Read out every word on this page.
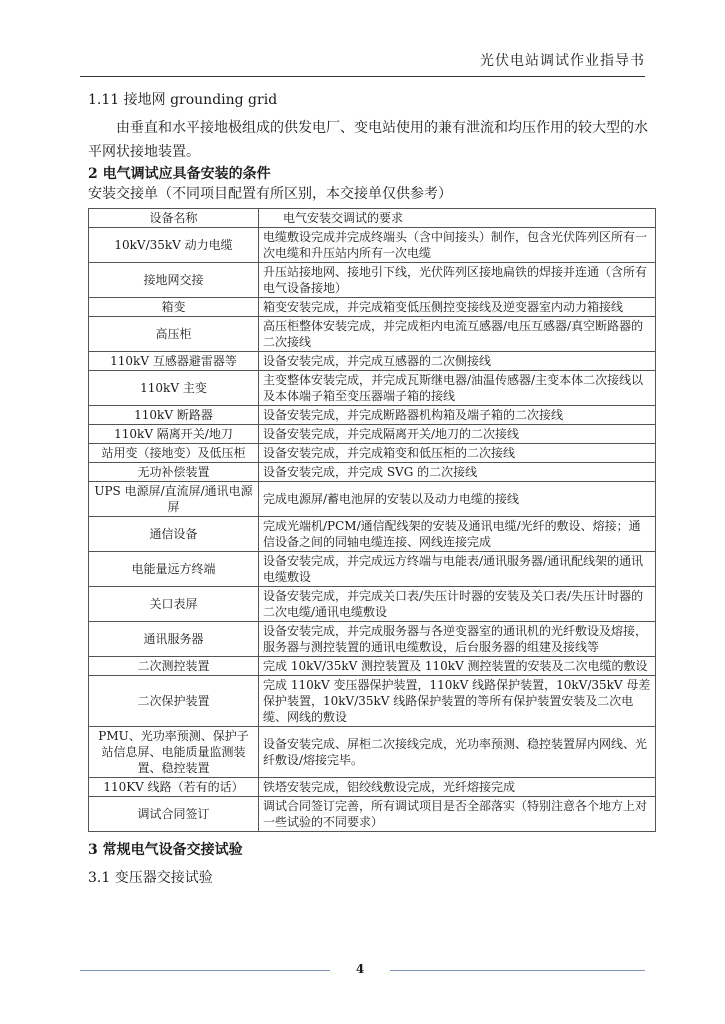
光伏电站调试作业指导书

1.11 接地网 grounding grid

由垂直和水平接地极组成的供发电厂、变电站使用的兼有泄流和均压作用的较大型的水平网状接地装置。

2 电气调试应具备安装的条件

安装交接单（不同项目配置有所区别，本交接单仅供参考）
设备名称	电气安装交调试的要求
10kV/35kV 动力电缆	电缆敷设完成并完成终端头（含中间接头）制作，包含光伏阵列区所有一次电缆和升压站内所有一次电缆
接地网交接	升压站接地网、接地引下线，光伏阵列区接地扁铁的焊接并连通（含所有电气设备接地）
箱变	箱变安装完成，并完成箱变低压侧控变接线及逆变器室内动力箱接线
高压柜	高压柜整体安装完成，并完成柜内电流互感器/电压互感器/真空断路器的二次接线
110kV 互感器避雷器等	设备安装完成，并完成互感器的二次侧接线
110kV 主变	主变整体安装完成，并完成瓦斯继电器/油温传感器/主变本体二次接线以及本体端子箱至变压器端子箱的接线
110kV 断路器	设备安装完成，并完成断路器机构箱及端子箱的二次接线
110kV 隔离开关/地刀	设备安装完成，并完成隔离开关/地刀的二次接线
站用变（接地变）及低压柜	设备安装完成，并完成箱变和低压柜的二次接线
无功补偿装置	设备安装完成，并完成 SVG 的二次接线
UPS 电源屏/直流屏/通讯电源屏	完成电源屏/蓄电池屏的安装以及动力电缆的接线
通信设备	完成光端机/PCM/通信配线架的安装及通讯电缆/光纤的敷设、熔接；通信设备之间的同轴电缆连接、网线连接完成
电能量远方终端	设备安装完成，并完成远方终端与电能表/通讯服务器/通讯配线架的通讯电缆敷设
关口表屏	设备安装完成，并完成关口表/失压计时器的安装及关口表/失压计时器的二次电缆/通讯电缆敷设
通讯服务器	设备安装完成，并完成服务器与各逆变器室的通讯机的光纤敷设及熔接，服务器与测控装置的通讯电缆敷设，后台服务器的组建及接线等
二次测控装置	完成 10kV/35kV 测控装置及 110kV 测控装置的安装及二次电缆的敷设
二次保护装置	完成 110kV 变压器保护装置，110kV 线路保护装置，10kV/35kV 母差保护装置，10kV/35kV 线路保护装置的等所有保护装置安装及二次电缆、网线的敷设
PMU、光功率预测、保护子站信息屏、电能质量监测装置、稳控装置	设备安装完成、屏柜二次接线完成，光功率预测、稳控装置屏内网线、光纤敷设/熔接完毕。
110KV 线路（若有的话）	铁塔安装完成，铝绞线敷设完成，光纤熔接完成
调试合同签订	调试合同签订完善，所有调试项目是否全部落实（特别注意各个地方上对一些试验的不同要求）

3 常规电气设备交接试验

3.1 变压器交接试验

4
